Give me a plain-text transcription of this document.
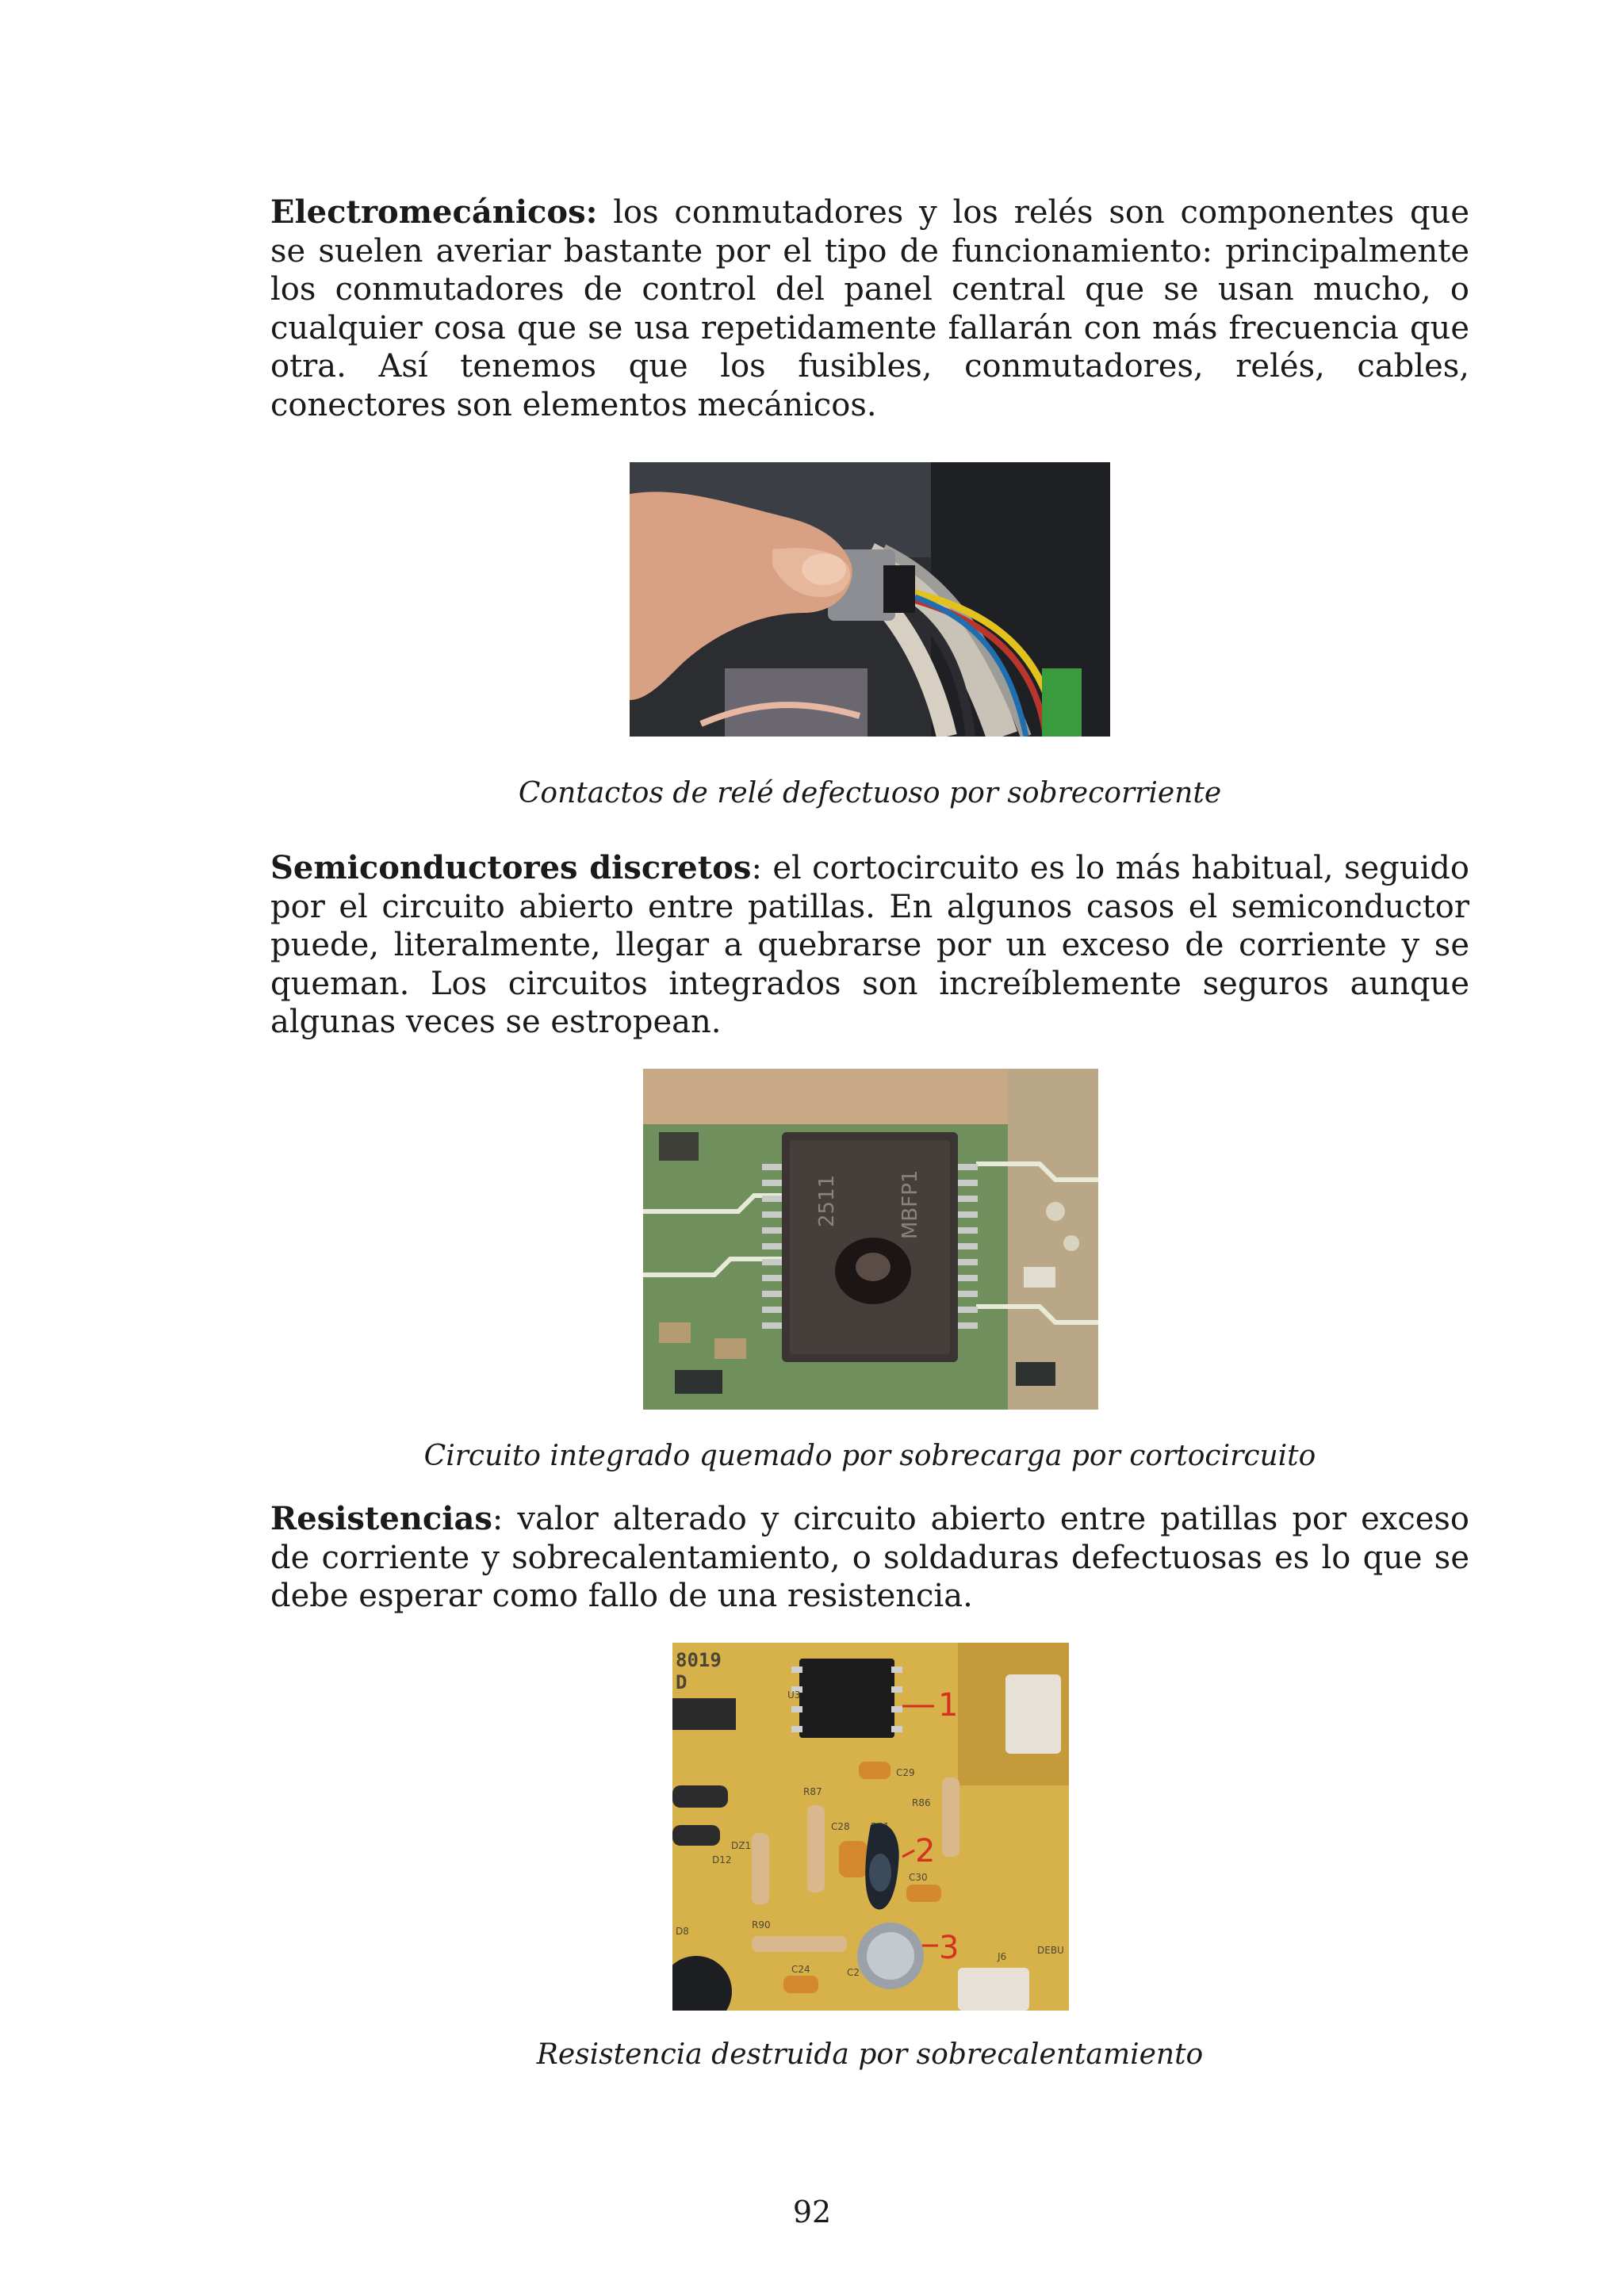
Electromecánicos: los conmutadores y los relés son componentes que se suelen averiar bastante por el tipo de funcionamiento: principalmente los conmutadores de control del panel central que se usan mucho, o cualquier cosa que se usa repetidamente fallarán con más frecuencia que otra. Así tenemos que los fusibles, conmutadores, relés, cables, conectores son elementos mecánicos.

Contactos de relé defectuoso por sobrecorriente

Semiconductores discretos: el cortocircuito es lo más habitual, seguido por el circuito abierto entre patillas. En algunos casos el semiconductor puede, literalmente, llegar a quebrarse por un exceso de corriente y se queman. Los circuitos integrados son increíblemente seguros aunque algunas veces se estropean.

2511	MBFP1

Circuito integrado quemado por sobrecarga por cortocircuito

Resistencias: valor alterado y circuito abierto entre patillas por exceso de corriente y sobrecalentamiento, o soldaduras defectuosas es lo que se debe esperar como fallo de una resistencia.

8019
D
U3	1
D12
D8
C29
R87
R86
DZ1
C28
2
C30
R90
C2
3
C24
J6
DEBU

Resistencia destruida por sobrecalentamiento

92
